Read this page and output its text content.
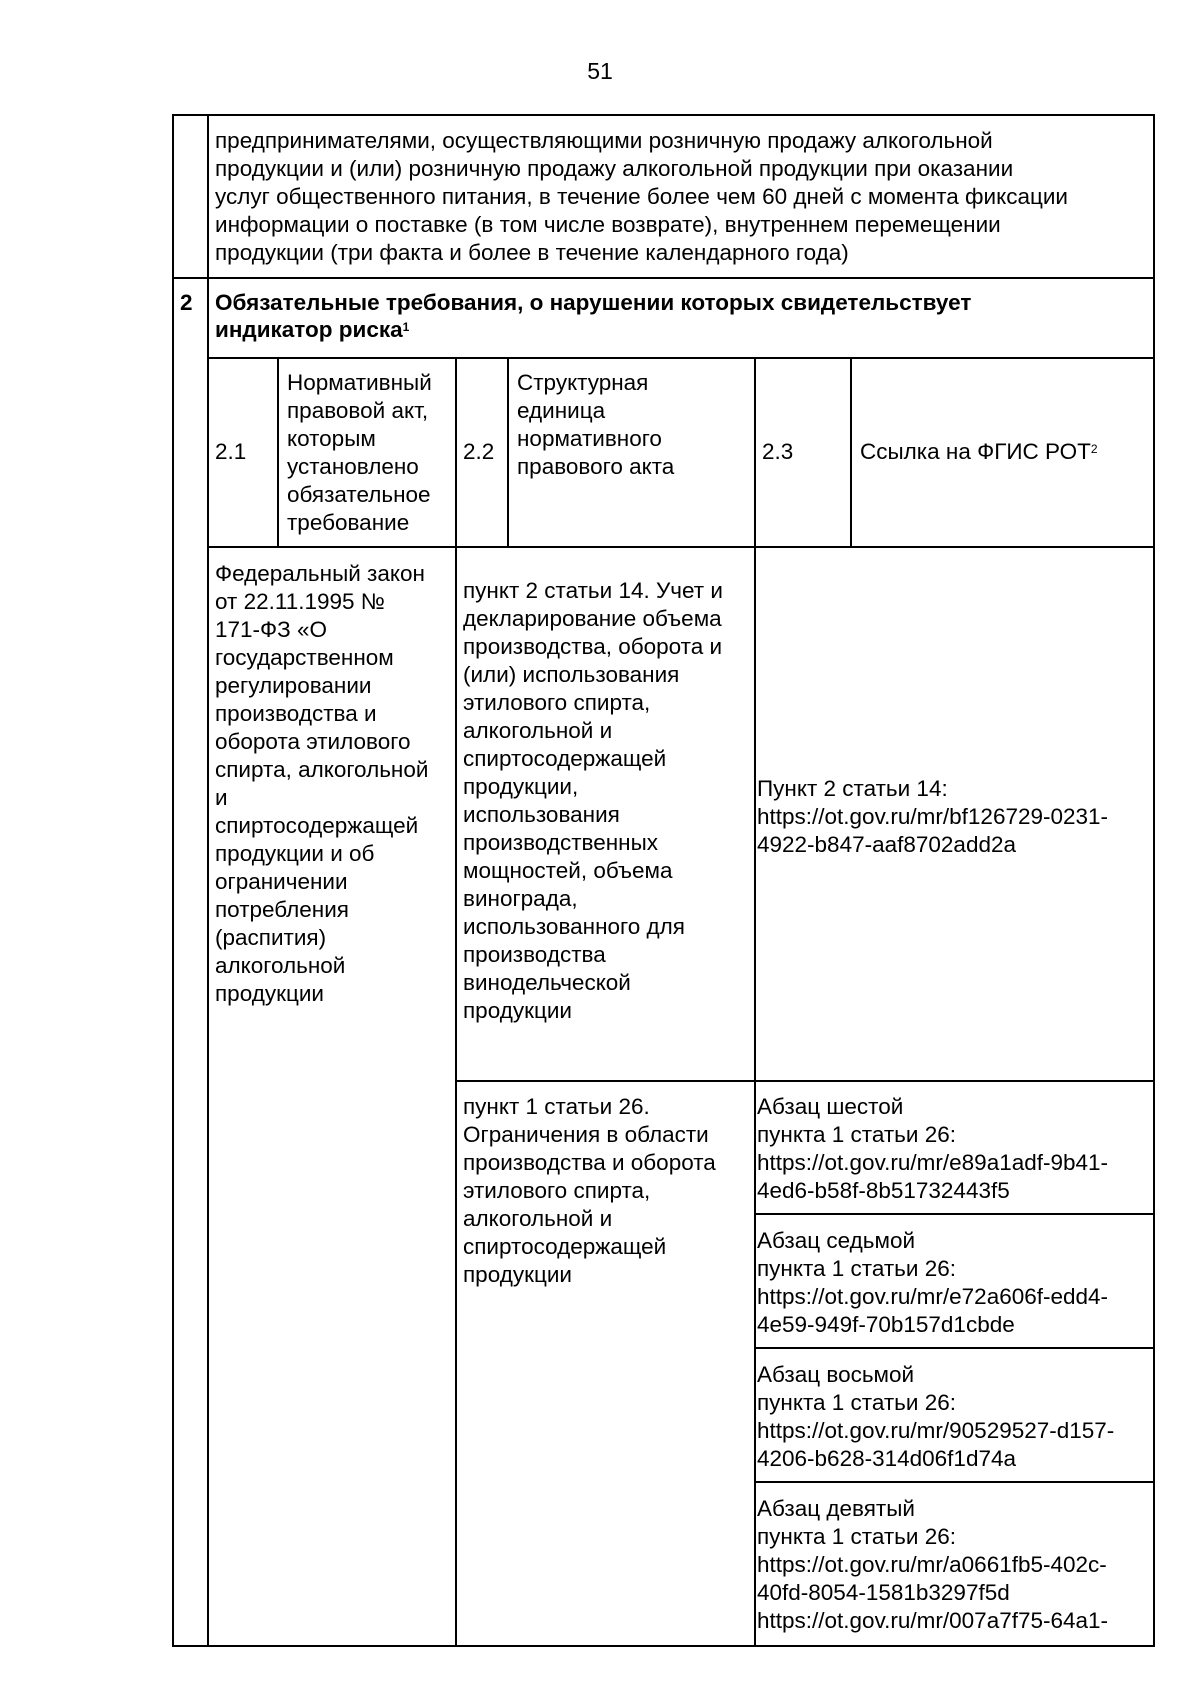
51
предпринимателями, осуществляющими розничную продажу алкогольной
продукции и (или) розничную продажу алкогольной продукции при оказании
услуг общественного питания, в течение более чем 60 дней с момента фиксации
информации о поставке (в том числе возврате), внутреннем перемещении
продукции (три факта и более в течение календарного года)
2 Обязательные требования, о нарушении которых свидетельствует
индикатор риска$^1$
2.1
Нормативный
правовой акт,
которым
установлено
обязательное
требование
2.2
Структурная
единица
нормативного
правового акта
2.3	Ссылка на ФГИС РОТ$^2$
Федеральный закон
от 22.11.1995 №
171-ФЗ «О
государственном
регулировании
производства и
оборота этилового
спирта, алкогольной
и
спиртосодержащей
продукции и об
ограничении
потребления
(распития)
алкогольной
продукции
пункт 2 статьи 14. Учет и
декларирование объема
производства, оборота и
(или) использования
этилового спирта,
алкогольной и
спиртосодержащей
продукции,
использования
производственных
мощностей, объема
винограда,
использованного для
производства
винодельческой
продукции
Пункт 2 статьи 14:
https://ot.gov.ru/mr/bf126729-0231-
4922-b847-aaf8702add2a
пункт 1 статьи 26.
Ограничения в области
производства и оборота
этилового спирта,
алкогольной и
спиртосодержащей
продукции
Абзац шестой
пункта 1 статьи 26:
https://ot.gov.ru/mr/e89a1adf-9b41-
4ed6-b58f-8b51732443f5
Абзац седьмой
пункта 1 статьи 26:
https://ot.gov.ru/mr/e72a606f-edd4-
4e59-949f-70b157d1cbde
Абзац восьмой
пункта 1 статьи 26:
https://ot.gov.ru/mr/90529527-d157-
4206-b628-314d06f1d74a
Абзац девятый
пункта 1 статьи 26:
https://ot.gov.ru/mr/a0661fb5-402c-
40fd-8054-1581b3297f5d
https://ot.gov.ru/mr/007a7f75-64a1-
